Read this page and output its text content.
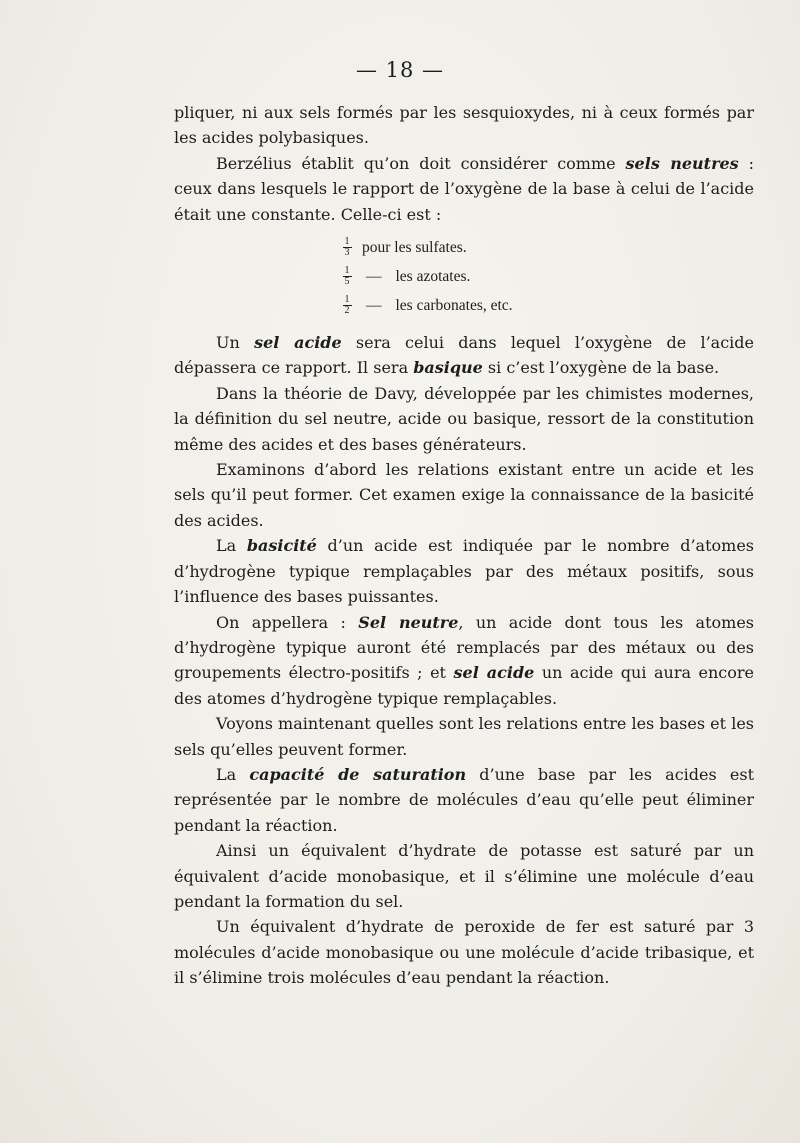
— 18 —

pliquer, ni aux sels formés par les sesquioxydes, ni à ceux formés par les acides polybasiques.

Berzélius établit qu’on doit considérer comme sels neutres : ceux dans lesquels le rapport de l’oxygène de la base à celui de l’acide était une constante. Celle-ci est :

$\frac{1}{3}$ pour les sulfates.
$\frac{1}{5}$ — les azotates.
$\frac{1}{2}$ — les carbonates, etc.

Un sel acide sera celui dans lequel l’oxygène de l’acide dépassera ce rapport. Il sera basique si c’est l’oxygène de la base.

Dans la théorie de Davy, développée par les chimistes modernes, la définition du sel neutre, acide ou basique, ressort de la constitution même des acides et des bases générateurs.

Examinons d’abord les relations existant entre un acide et les sels qu’il peut former. Cet examen exige la connaissance de la basicité des acides.

La basicité d’un acide est indiquée par le nombre d’atomes d’hydrogène typique remplaçables par des métaux positifs, sous l’influence des bases puissantes.

On appellera : Sel neutre, un acide dont tous les atomes d’hydrogène typique auront été remplacés par des métaux ou des groupements électro-positifs ; et sel acide un acide qui aura encore des atomes d’hydrogène typique remplaçables.

Voyons maintenant quelles sont les relations entre les bases et les sels qu’elles peuvent former.

La capacité de saturation d’une base par les acides est représentée par le nombre de molécules d’eau qu’elle peut éliminer pendant la réaction.

Ainsi un équivalent d’hydrate de potasse est saturé par un équivalent d’acide monobasique, et il s’élimine une molécule d’eau pendant la formation du sel.

Un équivalent d’hydrate de peroxide de fer est saturé par 3 molécules d’acide monobasique ou une molécule d’acide tribasique, et il s’élimine trois molécules d’eau pendant la réaction.
